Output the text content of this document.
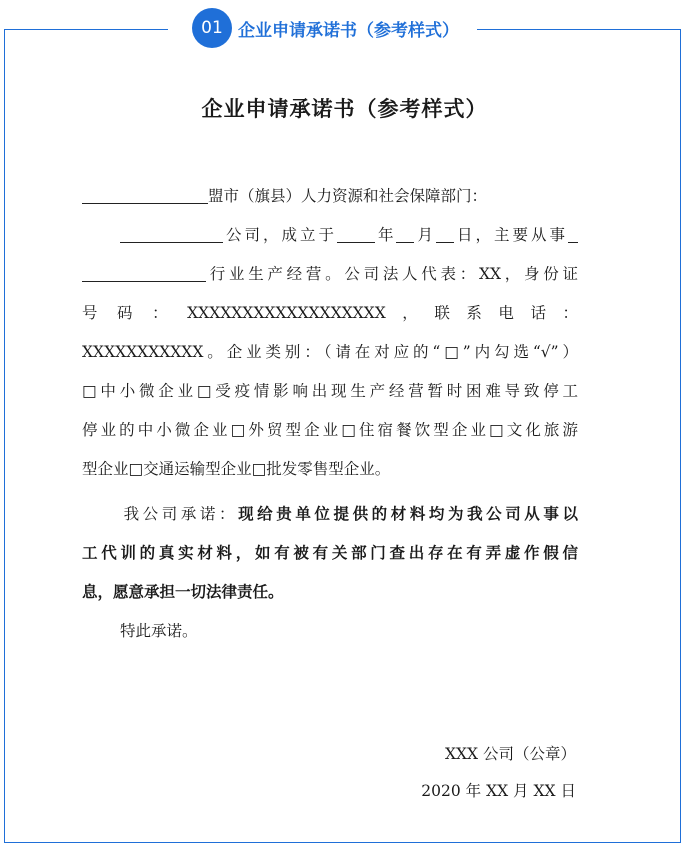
01 企业申请承诺书（参考样式）
企业申请承诺书（参考样式）
盟市（旗县）人力资源和社会保障部门：
公司，成立于 年 月 日，主要从事
行业生产经营。公司法人代表：XX，身份证
号码：XXXXXXXXXXXXXXXXXX，联系电话：
XXXXXXXXXXX。企业类别：（请在对应的“□”内勾选“√”）
□中小微企业□受疫情影响出现生产经营暂时困难导致停工
停业的中小微企业□外贸型企业□住宿餐饮型企业□文化旅游
型企业□交通运输型企业□批发零售型企业。
我公司承诺：现给贵单位提供的材料均为我公司从事以
工代训的真实材料，如有被有关部门查出存在有弄虚作假信
息，愿意承担一切法律责任。
特此承诺。
XXX 公司（公章）
2020 年 XX 月 XX 日
